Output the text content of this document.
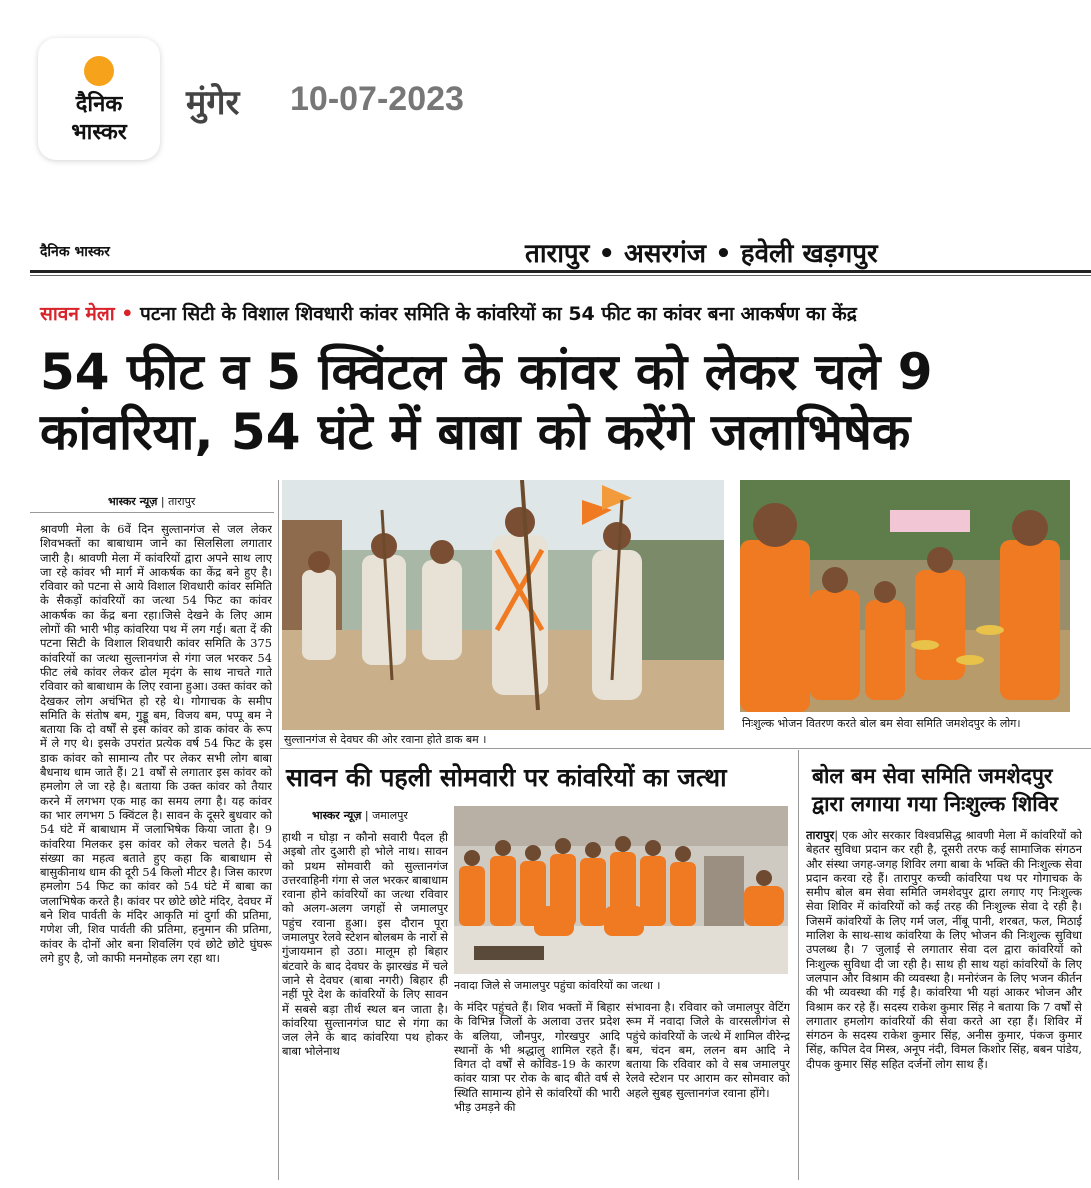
दैनिक
भास्कर
मुंगेर 10-07-2023
दैनिक भास्कर	तारापुर • असरगंज • हवेली खड़गपुर
सावन मेला • पटना सिटी के विशाल शिवधारी कांवर समिति के कांवरियों का 54 फीट का कांवर बना आकर्षण का केंद्र
54 फीट व 5 क्विंटल के कांवर को लेकर चले 9 कांवरिया, 54 घंटे में बाबा को करेंगे जलाभिषेक
भास्कर न्यूज़ | तारापुर
श्रावणी मेला के 6वें दिन सुल्तानगंज से जल लेकर शिवभक्तों का बाबाधाम जाने का सिलसिला लगातार जारी है। श्रावणी मेला में कांवरियों द्वारा अपने साथ लाए जा रहे कांवर भी मार्ग में आकर्षक का केंद्र बने हुए है। रविवार को पटना से आये विशाल शिवधारी कांवर समिति के सैकड़ों कांवरियों का जत्था 54 फिट का कांवर आकर्षक का केंद्र बना रहा।जिसे देखने के लिए आम लोगों की भारी भीड़ कांवरिया पथ में लग गई। बता दें की पटना सिटी के विशाल शिवधारी कांवर समिति के 375 कांवरियों का जत्था सुल्तानगंज से गंगा जल भरकर 54 फीट लंबे कांवर लेकर ढोल मृदंग के साथ नाचते गाते रविवार को बाबाधाम के लिए रवाना हुआ। उक्त कांवर को देखकर लोग अचंभित हो रहे थे। गोगाचक के समीप समिति के संतोष बम, गुड्डू बम, विजय बम, पप्पू बम ने बताया कि दो वर्षों से इस कांवर को डाक कांवर के रूप में ले गए थे। इसके उपरांत प्रत्येक वर्ष 54 फिट के इस डाक कांवर को सामान्य तौर पर लेकर सभी लोग बाबा बैधनाथ धाम जाते हैं। 21 वर्षों से लगातार इस कांवर को हमलोग ले जा रहे है। बताया कि उक्त कांवर को तैयार करने में लगभग एक माह का समय लगा है। यह कांवर का भार लगभग 5 क्विंटल है। सावन के दूसरे बुधवार को 54 घंटे में बाबाधाम में जलाभिषेक किया जाता है। 9 कांवरिया मिलकर इस कांवर को लेकर चलते है। 54 संख्या का महत्व बताते हुए कहा कि बाबाधाम से बासुकीनाथ धाम की दूरी 54 किलो मीटर है। जिस कारण हमलोग 54 फिट का कांवर को 54 घंटे में बाबा का जलाभिषेक करते है। कांवर पर छोटे छोटे मंदिर, देवघर में बने शिव पार्वती के मंदिर आकृति मां दुर्गा की प्रतिमा, गणेश जी, शिव पार्वती की प्रतिमा, हनुमान की प्रतिमा, कांवर के दोनों ओर बना शिवलिंग एवं छोटे छोटे घुंघरू लगे हुए है, जो काफी मनमोहक लग रहा था।
सुल्तानगंज से देवघर की ओर रवाना होते डाक बम ।
निःशुल्क भोजन वितरण करते बोल बम सेवा समिति जमशेदपुर के लोग।
सावन की पहली सोमवारी पर कांवरियों का जत्था
भास्कर न्यूज़ | जमालपुर
हाथी न घोड़ा न कौनो सवारी पैदल ही अइबो तोर दुआरी हो भोले नाथ। सावन को प्रथम सोमवारी को सुल्तानगंज उत्तरवाहिनी गंगा से जल भरकर बाबाधाम रवाना होने कांवरियों का जत्था रविवार को अलग-अलग जगहों से जमालपुर पहुंच रवाना हुआ। इस दौरान पूरा जमालपुर रेलवे स्टेशन बोलबम के नारों से गुंजायमान हो उठा। मालूम हो बिहार बंटवारे के बाद देवघर के झारखंड में चले जाने से देवघर (बाबा नगरी) बिहार ही नहीं पूरे देश के कांवरियों के लिए सावन में सबसे बड़ा तीर्थ स्थल बन जाता है। कांवरिया सुल्तानगंज घाट से गंगा का जल लेने के बाद कांवरिया पथ होकर बाबा भोलेनाथ
नवादा जिले से जमालपुर पहुंचा कांवरियों का जत्था ।
के मंदिर पहुंचते हैं। शिव भक्तों में बिहार के विभिन्न जिलों के अलावा उत्तर प्रदेश के बलिया, जौनपुर, गोरखपुर आदि स्थानों के भी श्रद्धालु शामिल रहते हैं। विगत दो वर्षों से कोविड-19 के कारण कांवर यात्रा पर रोक के बाद बीते वर्ष से स्थिति सामान्य होने से कांवरियों की भारी भीड़ उमड़ने की
संभावना है। रविवार को जमालपुर वेटिंग रूम में नवादा जिले के वारसलीगंज से पहुंचे कांवरियों के जत्थे में शामिल वीरेन्द्र बम, चंदन बम, ललन बम आदि ने बताया कि रविवार को वे सब जमालपुर रेलवे स्टेशन पर आराम कर सोमवार को अहले सुबह सुल्तानगंज रवाना होंगे।
बोल बम सेवा समिति जमशेदपुर द्वारा लगाया गया निःशुल्क शिविर
तारापुर| एक ओर सरकार विश्वप्रसिद्ध श्रावणी मेला में कांवरियों को बेहतर सुविधा प्रदान कर रही है, दूसरी तरफ कई सामाजिक संगठन और संस्था जगह-जगह शिविर लगा बाबा के भक्ति की निःशुल्क सेवा प्रदान करवा रहे हैं। तारापुर कच्ची कांवरिया पथ पर गोगाचक के समीप बोल बम सेवा समिति जमशेदपुर द्वारा लगाए गए निःशुल्क सेवा शिविर में कांवरियों को कई तरह की निःशुल्क सेवा दे रही है। जिसमें कांवरियों के लिए गर्म जल, नींबू पानी, शरबत, फल, मिठाई मालिश के साथ-साथ कांवरिया के लिए भोजन की निःशुल्क सुविधा उपलब्ध है। 7 जुलाई से लगातार सेवा दल द्वारा कांवरियों को निःशुल्क सुविधा दी जा रही है। साथ ही साथ यहां कांवरियों के लिए जलपान और विश्राम की व्यवस्था है। मनोरंजन के लिए भजन कीर्तन की भी व्यवस्था की गई है। कांवरिया भी यहां आकर भोजन और विश्राम कर रहे हैं। सदस्य राकेश कुमार सिंह ने बताया कि 7 वर्षों से लगातार हमलोग कांवरियों की सेवा करते आ रहा हैं। शिविर में संगठन के सदस्य राकेश कुमार सिंह, अनीस कुमार, पंकज कुमार सिंह, कपिल देव मिस्त्र, अनूप नंदी, विमल किशोर सिंह, बबन पांडेय, दीपक कुमार सिंह सहित दर्जनों लोग साथ हैं।
